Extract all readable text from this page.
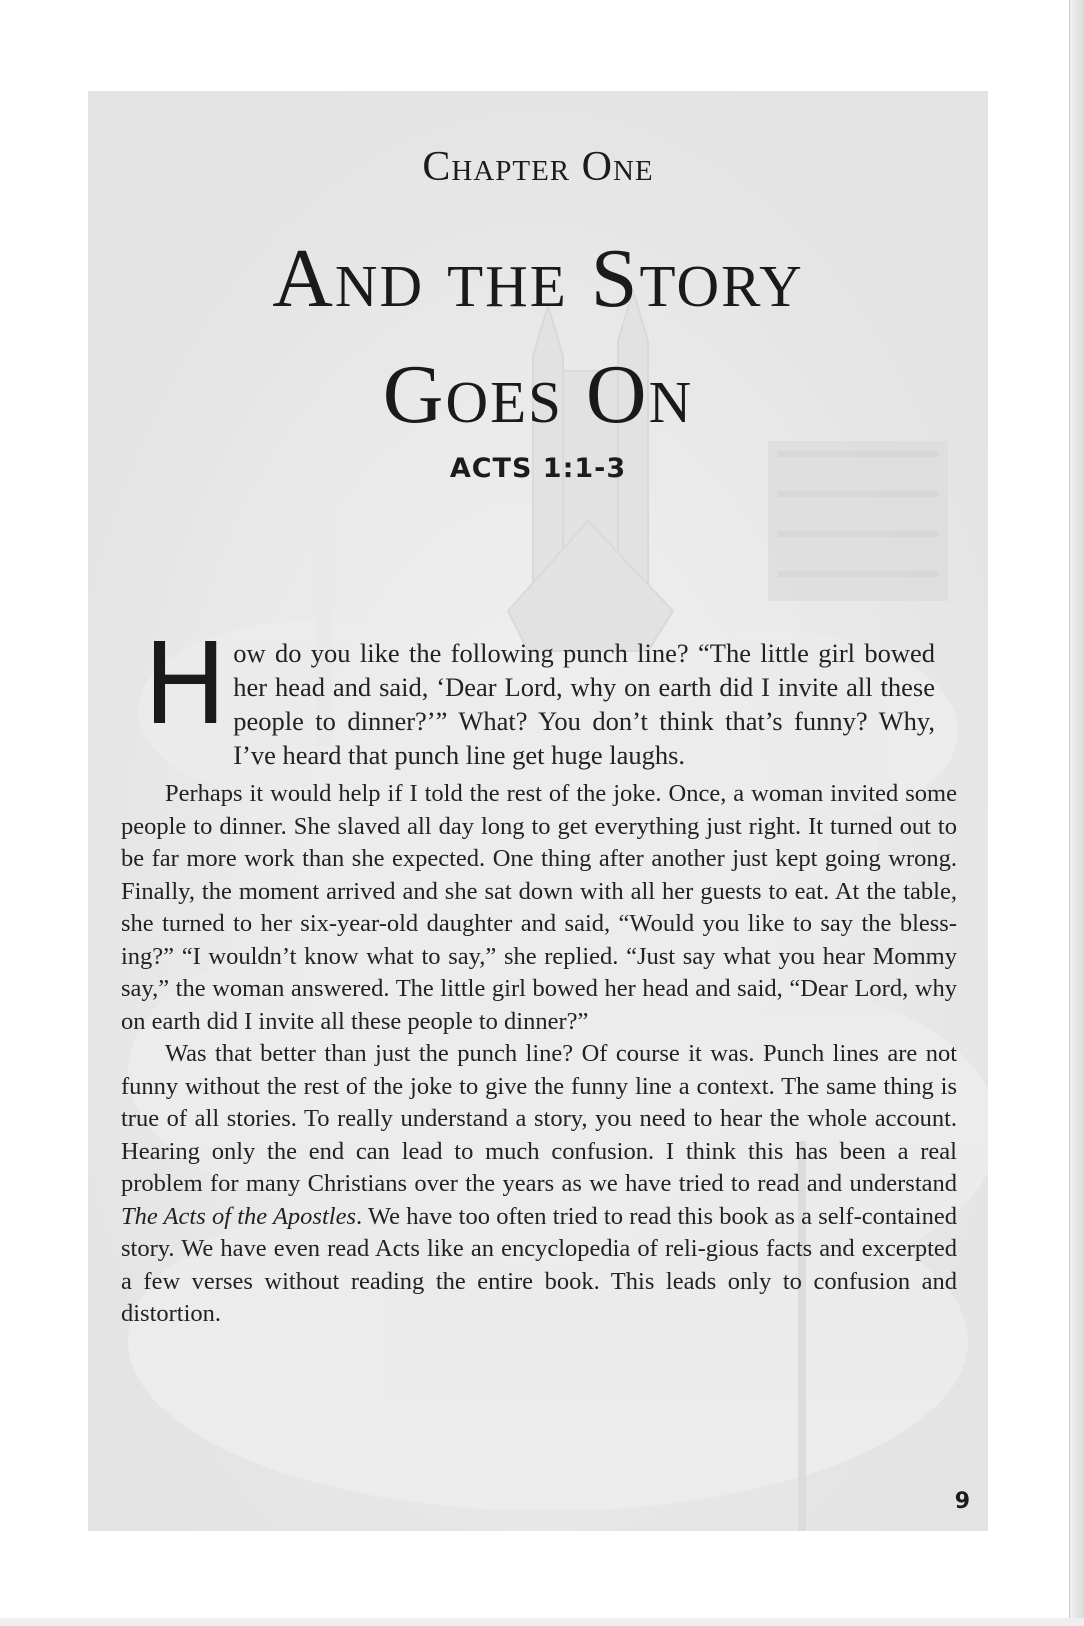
Chapter One
And the Story
Goes On
ACTS 1:1-3

H ow do you like the following punch line? “The little girl bowed her head and said, ‘Dear Lord, why on earth did I invite all these people to dinner?’” What? You don’t think that’s funny? Why, I’ve heard that punch line get huge laughs.

Perhaps it would help if I told the rest of the joke. Once, a woman invited some people to dinner. She slaved all day long to get everything just right. It turned out to be far more work than she expected. One thing after another just kept going wrong. Finally, the moment arrived and she sat down with all her guests to eat. At the table, she turned to her six-year-old daughter and said, “Would you like to say the bless-ing?” “I wouldn’t know what to say,” she replied. “Just say what you hear Mommy say,” the woman answered. The little girl bowed her head and said, “Dear Lord, why on earth did I invite all these people to dinner?”

Was that better than just the punch line? Of course it was. Punch lines are not funny without the rest of the joke to give the funny line a context. The same thing is true of all stories. To really understand a story, you need to hear the whole account. Hearing only the end can lead to much confusion. I think this has been a real problem for many Christians over the years as we have tried to read and understand The Acts of the Apostles. We have too often tried to read this book as a self-contained story. We have even read Acts like an encyclopedia of reli-gious facts and excerpted a few verses without reading the entire book. This leads only to confusion and distortion.

9
